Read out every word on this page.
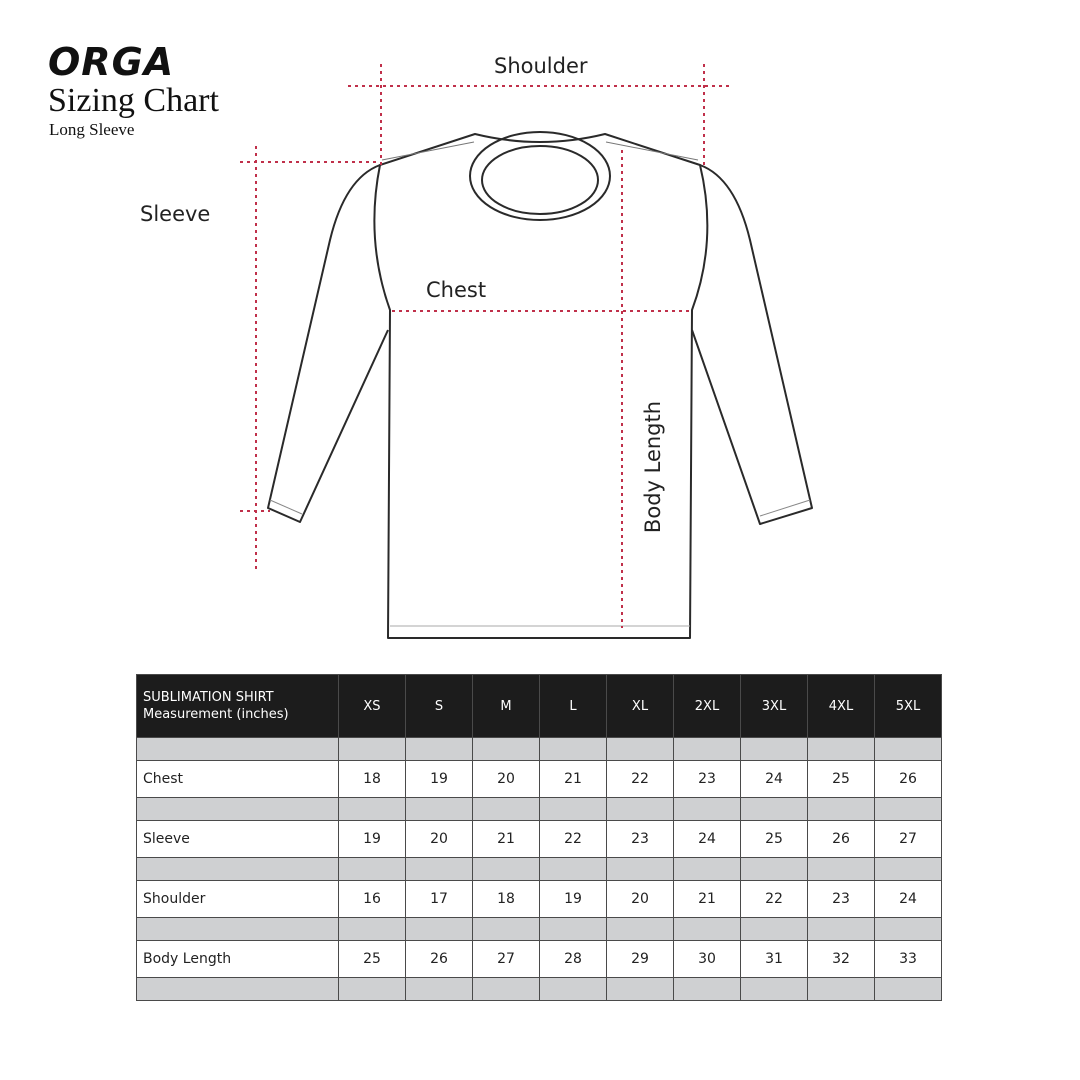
ORGA
Sizing Chart
Long Sleeve
Shoulder
Sleeve
Chest
Body Length
SUBLIMATION SHIRT
Measurement (inches)	XS	S	M	L	XL	2XL	3XL	4XL	5XL

Chest	18	19	20	21	22	23	24	25	26

Sleeve	19	20	21	22	23	24	25	26	27

Shoulder	16	17	18	19	20	21	22	23	24

Body Length	25	26	27	28	29	30	31	32	33
